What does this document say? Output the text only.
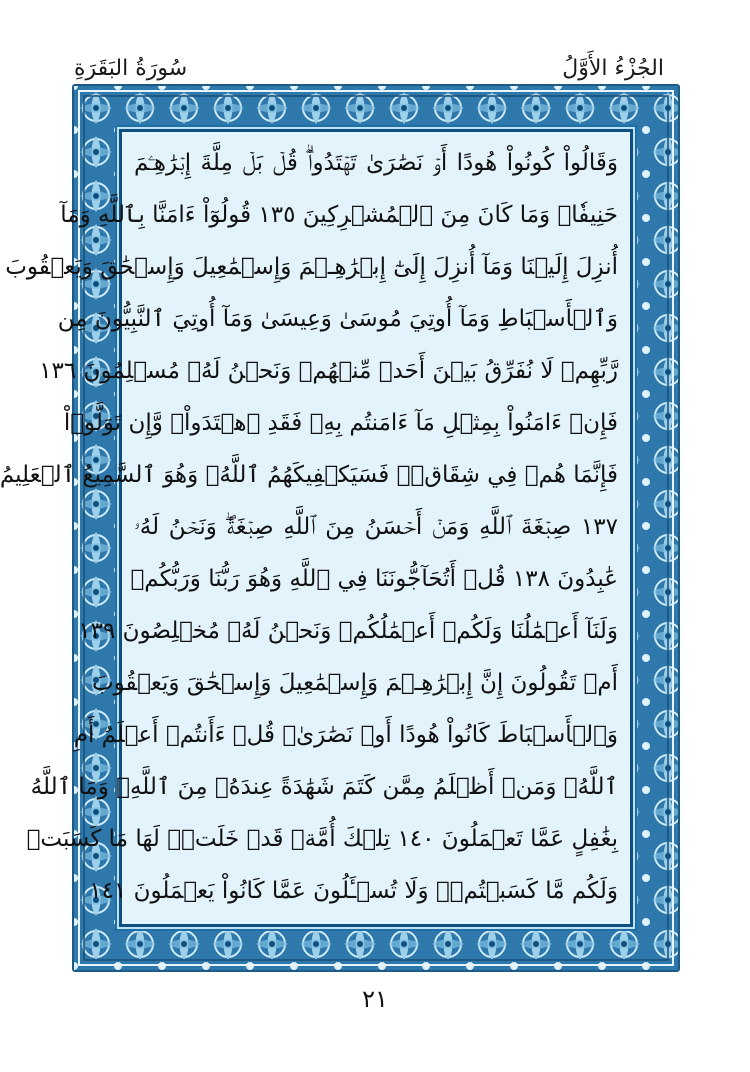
الجُزْءُ الأَوَّلُ
سُورَةُ البَقَرَةِ
وَقَالُواْ كُونُواْ هُودًا أَوۡ نَصَٰرَىٰ تَهۡتَدُواْۗ قُلۡ بَلۡ مِلَّةَ إِبۡرَٰهِـۧمَ
حَنِيفٗاۖ وَمَا كَانَ مِنَ ٱلۡمُشۡرِكِينَ ١٣٥ قُولُوٓاْ ءَامَنَّا بِٱللَّهِ وَمَآ
أُنزِلَ إِلَيۡنَا وَمَآ أُنزِلَ إِلَىٰٓ إِبۡرَٰهِـۧمَ وَإِسۡمَٰعِيلَ وَإِسۡحَٰقَ وَيَعۡقُوبَ
وَٱلۡأَسۡبَاطِ وَمَآ أُوتِيَ مُوسَىٰ وَعِيسَىٰ وَمَآ أُوتِيَ ٱلنَّبِيُّونَ مِن
رَّبِّهِمۡ لَا نُفَرِّقُ بَيۡنَ أَحَدٖ مِّنۡهُمۡ وَنَحۡنُ لَهُۥ مُسۡلِمُونَ ١٣٦
فَإِنۡ ءَامَنُواْ بِمِثۡلِ مَآ ءَامَنتُم بِهِۦ فَقَدِ ٱهۡتَدَواْۖ وَّإِن تَوَلَّوۡاْ
فَإِنَّمَا هُمۡ فِي شِقَاقٖۖ فَسَيَكۡفِيكَهُمُ ٱللَّهُۚ وَهُوَ ٱلسَّمِيعُ ٱلۡعَلِيمُ
١٣٧ صِبۡغَةَ ٱللَّهِ وَمَنۡ أَحۡسَنُ مِنَ ٱللَّهِ صِبۡغَةٗۖ وَنَحۡنُ لَهُۥ
عَٰبِدُونَ ١٣٨ قُلۡ أَتُحَآجُّونَنَا فِي ٱللَّهِ وَهُوَ رَبُّنَا وَرَبُّكُمۡ
وَلَنَآ أَعۡمَٰلُنَا وَلَكُمۡ أَعۡمَٰلُكُمۡ وَنَحۡنُ لَهُۥ مُخۡلِصُونَ ١٣٩
أَمۡ تَقُولُونَ إِنَّ إِبۡرَٰهِـۧمَ وَإِسۡمَٰعِيلَ وَإِسۡحَٰقَ وَيَعۡقُوبَ
وَٱلۡأَسۡبَاطَ كَانُواْ هُودًا أَوۡ نَصَٰرَىٰۗ قُلۡ ءَأَنتُمۡ أَعۡلَمُ أَمِ
ٱللَّهُۗ وَمَنۡ أَظۡلَمُ مِمَّن كَتَمَ شَهَٰدَةً عِندَهُۥ مِنَ ٱللَّهِۗ وَمَا ٱللَّهُ
بِغَٰفِلٍ عَمَّا تَعۡمَلُونَ ١٤٠ تِلۡكَ أُمَّةٞ قَدۡ خَلَتۡۖ لَهَا مَا كَسَبَتۡ
وَلَكُم مَّا كَسَبۡتُمۡۖ وَلَا تُسۡـَٔلُونَ عَمَّا كَانُواْ يَعۡمَلُونَ ١٤١
٢١
